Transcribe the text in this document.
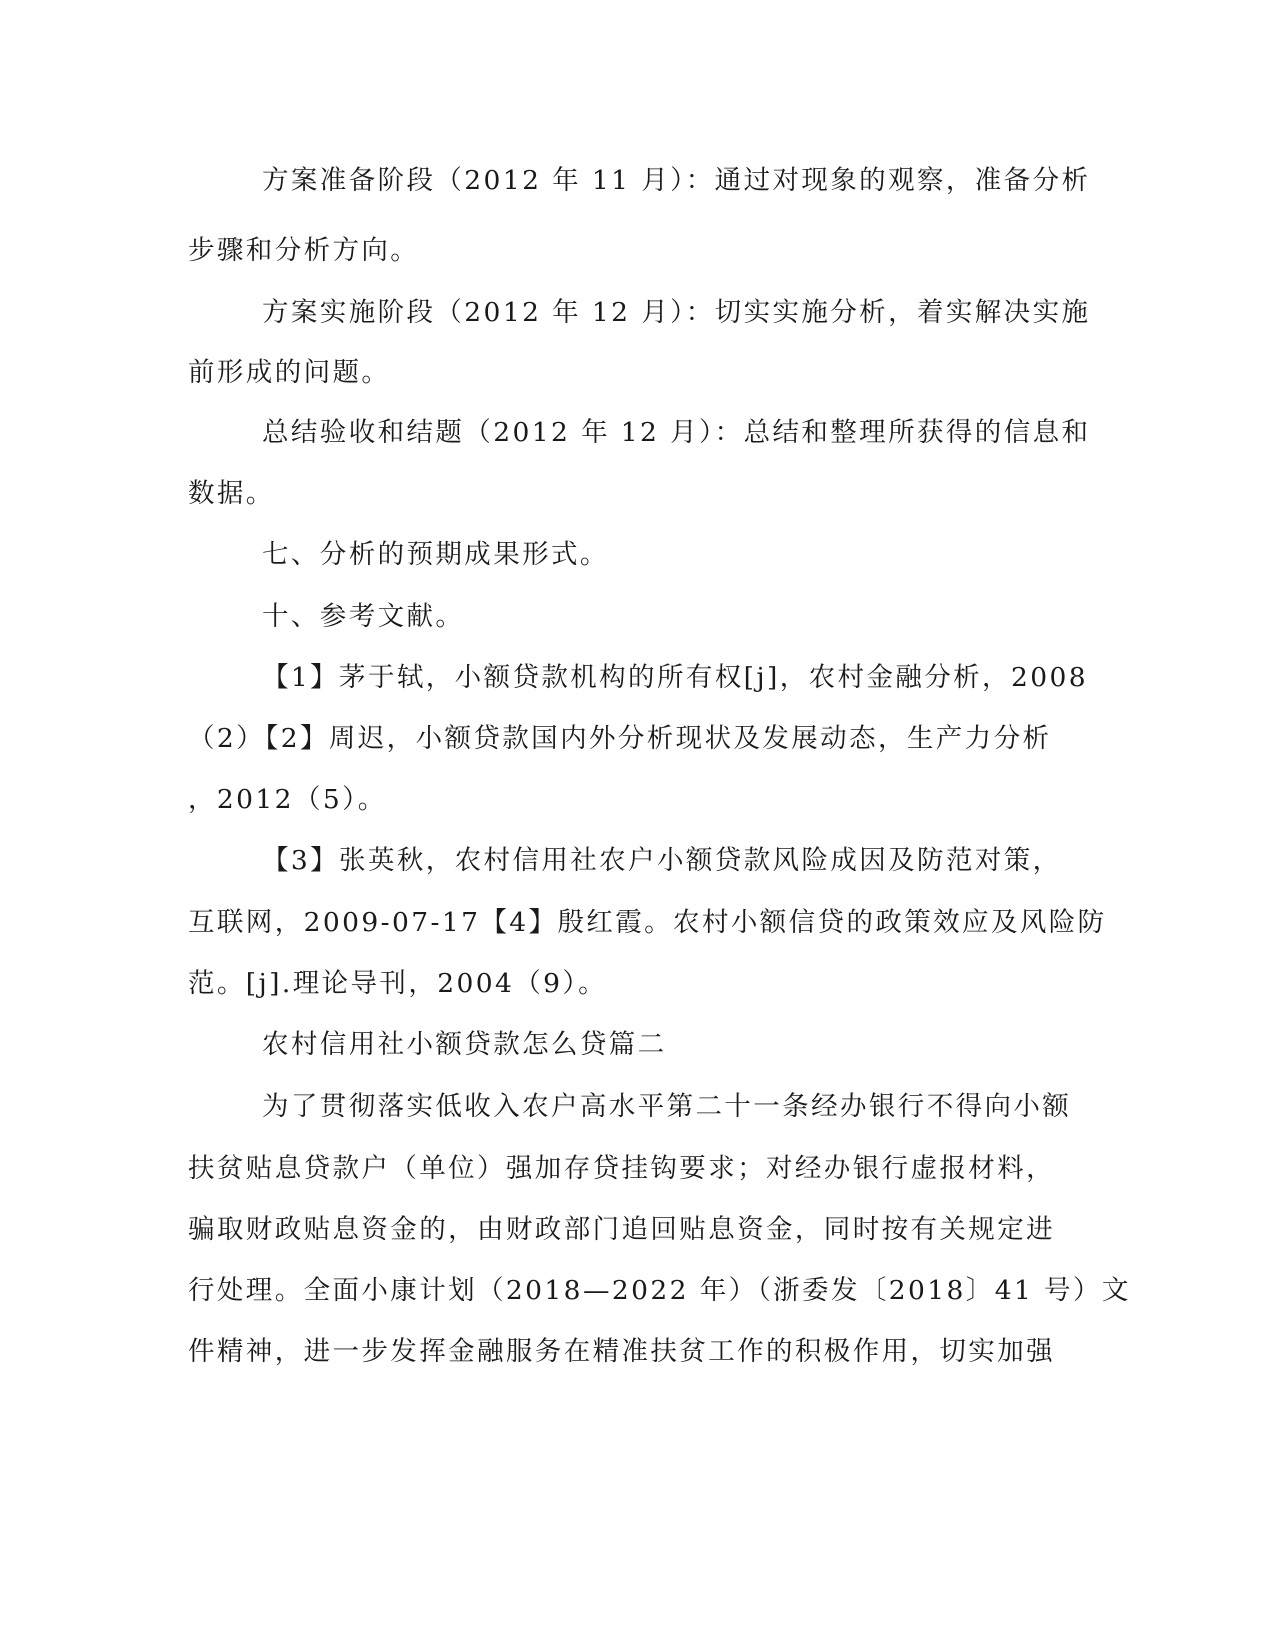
方案准备阶段（2012 年 11 月）：通过对现象的观察，准备分析
步骤和分析方向。
方案实施阶段（2012 年 12 月）：切实实施分析，着实解决实施
前形成的问题。
总结验收和结题（2012 年 12 月）：总结和整理所获得的信息和
数据。
七、分析的预期成果形式。
十、参考文献。
【1】茅于轼，小额贷款机构的所有权[j]，农村金融分析，2008
（2）【2】周迟，小额贷款国内外分析现状及发展动态，生产力分析
，2012（5）。
【3】张英秋，农村信用社农户小额贷款风险成因及防范对策，
互联网，2009-07-17【4】殷红霞。农村小额信贷的政策效应及风险防
范。[j].理论导刊，2004（9）。
农村信用社小额贷款怎么贷篇二
为了贯彻落实低收入农户高水平第二十一条经办银行不得向小额
扶贫贴息贷款户（单位）强加存贷挂钩要求；对经办银行虚报材料，
骗取财政贴息资金的，由财政部门追回贴息资金，同时按有关规定进
行处理。全面小康计划（2018—2022 年）（浙委发〔2018〕41 号）文
件精神，进一步发挥金融服务在精准扶贫工作的积极作用，切实加强
